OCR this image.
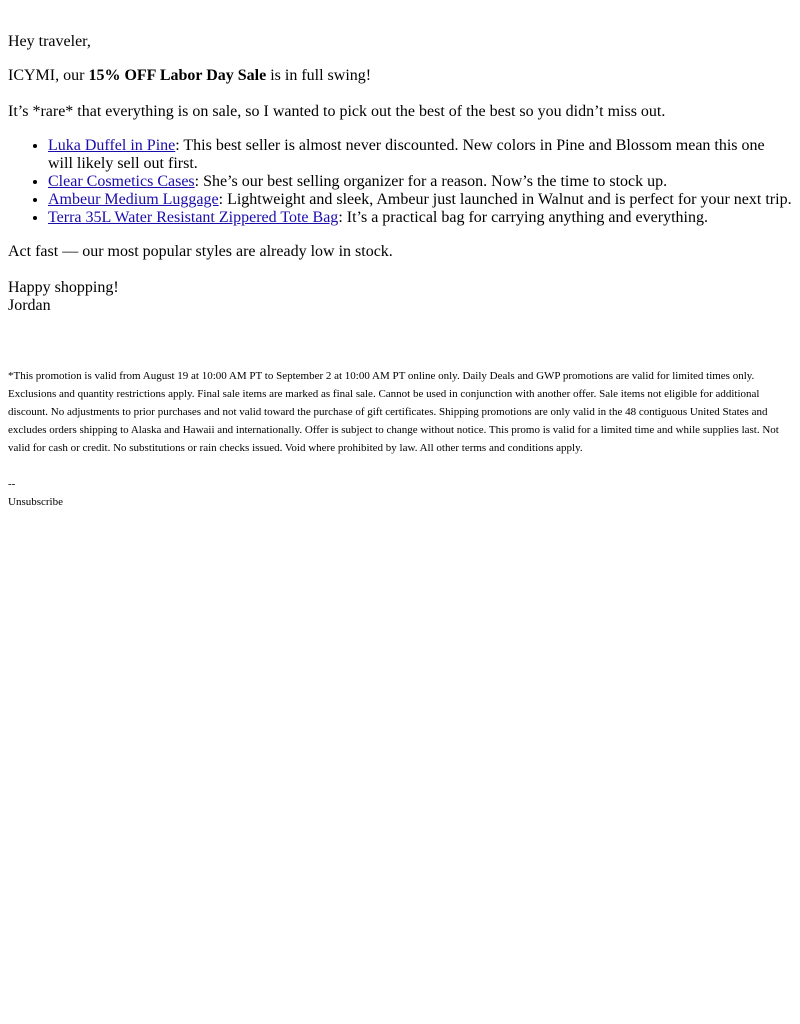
Hey traveler,

ICYMI, our 15% OFF Labor Day Sale is in full swing!

It’s *rare* that everything is on sale, so I wanted to pick out the best of the best so you didn’t miss out.

• Luka Duffel in Pine: This best seller is almost never discounted. New colors in Pine and Blossom mean this one will likely sell out first.
• Clear Cosmetics Cases: She’s our best selling organizer for a reason. Now’s the time to stock up.
• Ambeur Medium Luggage: Lightweight and sleek, Ambeur just launched in Walnut and is perfect for your next trip.
• Terra 35L Water Resistant Zippered Tote Bag: It’s a practical bag for carrying anything and everything.

Act fast — our most popular styles are already low in stock.

Happy shopping!

Jordan

*This promotion is valid from August 19 at 10:00 AM PT to September 2 at 10:00 AM PT online only. Daily Deals and GWP promotions are valid for limited times only. Exclusions and quantity restrictions apply. Final sale items are marked as final sale. Cannot be used in conjunction with another offer. Sale items not eligible for additional discount. No adjustments to prior purchases and not valid toward the purchase of gift certificates. Shipping promotions are only valid in the 48 contiguous United States and excludes orders shipping to Alaska and Hawaii and internationally. Offer is subject to change without notice. This promo is valid for a limited time and while supplies last. Not valid for cash or credit. No substitutions or rain checks issued. Void where prohibited by law. All other terms and conditions apply.

--

Unsubscribe
